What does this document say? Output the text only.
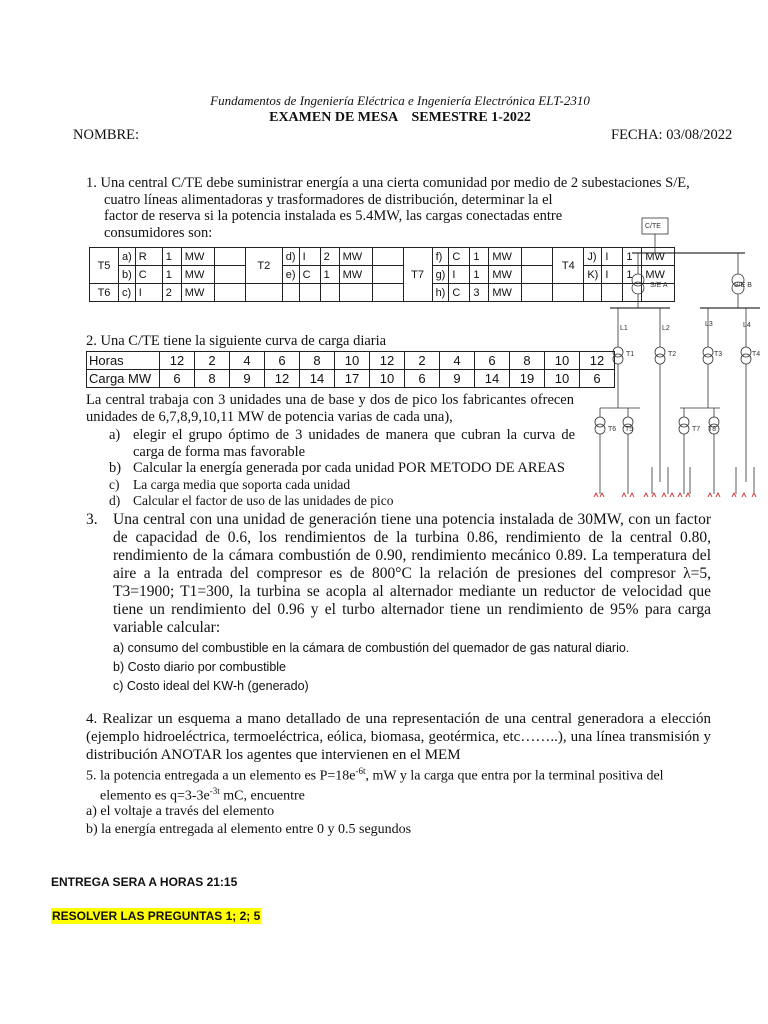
Fundamentos de Ingeniería Eléctrica e Ingeniería Electrónica ELT-2310
EXAMEN DE MESA    SEMESTRE 1-2022
NOMBRE:	FECHA: 03/08/2022

1. Una central C/TE debe suministrar energía a una cierta comunidad por medio de 2 subestaciones S/E,

cuatro líneas alimentadoras y trasformadores de distribución, determinar la el

factor de reserva si la potencia instalada es 5.4MW, las cargas conectadas entre

consumidores son:

T5	a)	R	1	MW		T2	d)	I	2	MW		T7	f)	C	1	MW		T4	J)	I	1	MW
	b)	C	1	MW			e)	C	1	MW			g)	I	1	MW			K)	I	1	MW
T6	c)	I	2	MW									h)	C	3	MW						
2. Una C/TE tiene la siguiente curva de carga diaria
Horas	12	2	4	6	8	10	12	2	4	6	8	10	12
Carga MW	6	8	9	12	14	17	10	6	9	14	19	10	6
La central trabaja con 3 unidades una de base y dos de pico los fabricantes ofrecen unidades de 6,7,8,9,10,11 MW de potencia varias de cada una),
a) elegir el grupo óptimo de 3 unidades de manera que cubran la curva de carga de forma mas favorable
b) Calcular la energía generada por cada unidad POR METODO DE AREAS
c)	La carga media que soporta cada unidad
d) Calcular el factor de uso de las unidades de pico
3. Una central con una unidad de generación tiene una potencia instalada de 30MW, con un factor de capacidad de 0.6, los rendimientos de la turbina 0.86, rendimiento de la central 0.80, rendimiento de la cámara combustión de 0.90, rendimiento mecánico 0.89. La temperatura del aire a la entrada del compresor es de 800°C la relación de presiones del compresor λ=5, T3=1900; T1=300, la turbina se acopla al alternador mediante un reductor de velocidad que tiene un rendimiento del 0.96 y el turbo alternador tiene un rendimiento de 95% para carga variable calcular:

a) consumo del combustible en la cámara de combustión del quemador de gas natural diario.

b) Costo diario por combustible

c) Costo ideal del KW-h (generado)

4. Realizar un esquema a mano detallado de una representación de una central generadora a elección (ejemplo hidroeléctrica, termoeléctrica, eólica, biomasa, geotérmica, etc……..), una línea transmisión y distribución ANOTAR los agentes que intervienen en el MEM

5. la potencia entregada a un elemento es $P=18e^{-6t}$, mW y la carga que entra por la terminal positiva del

elemento es $q=3-3e^{-3t}$ mC, encuentre

a) el voltaje a través del elemento

b) la energía entregada al elemento entre 0 y 0.5 segundos

ENTREGA SERA A HORAS 21:15
RESOLVER LAS PREGUNTAS 1; 2; 5
C/TE
S/E A	S/E B
L1	L2
L3	L4
T1	T2	T3	T4
T6 T5	T7 T8
